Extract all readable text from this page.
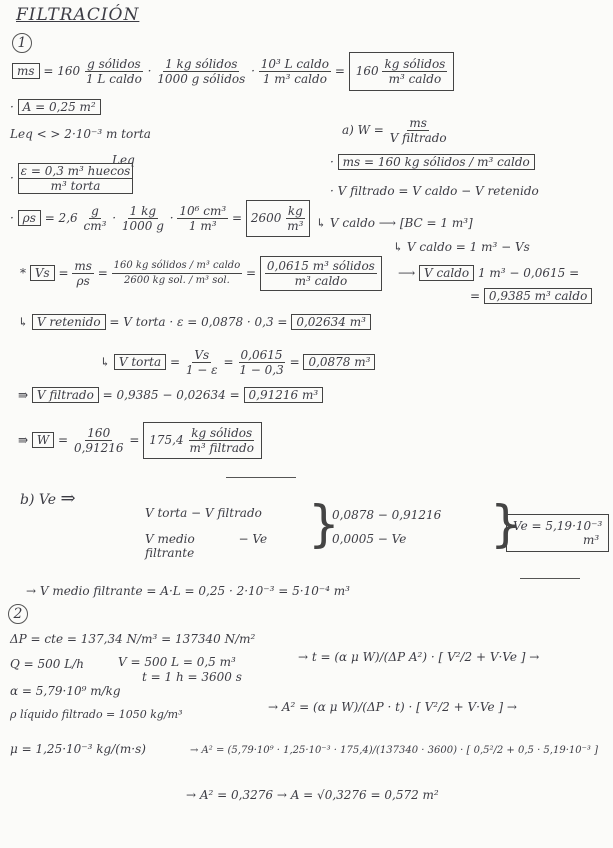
FILTRACIÓN
1
ms = $160 \frac{\text{g sólidos}}{\text{1 L caldo}} \cdot \frac{\text{1 kg sólidos}}{\text{1000 g sólidos}} \cdot \frac{\text{10³ L caldo}}{\text{1 m³ caldo}} = 160 \frac{\text{kg sólidos}}{\text{m³ caldo}}$
· A = 0,25 m²
Leq < > 2·10⁻³ m torta
Leq
· $\frac{\text{ε = 0,3 m³ huecos}}{\text{m³ torta}}$
· $\rho s = 2,6 \frac{g}{\text{cm³}} \cdot \frac{1 kg}{1000 g} \cdot \frac{\text{10⁶ cm³}}{\text{1 m³}} = 2600 \frac{kg}{\text{m³}}$
a) $W = \frac{ms}{\text{V filtrado}}$
· ms = 160 kg sólidos / m³ caldo
· V filtrado = V caldo − V retenido
↳ V caldo ⟶ [BC = 1 m³]
↳ V caldo = 1 m³ − Vs
* $Vs = \frac{ms}{\rho s} = \frac{\text{160 kg sólidos / m³ caldo}}{\text{2600 kg sol. / m³ sol.}} = \frac{\text{0,0615 m³ sólidos}}{\text{m³ caldo}}$ ⟶ V caldo 1 m³ − 0,0615 =
= 0,9385 m³ caldo
↳ V retenido = V torta · ε = 0,0878 · 0,3 = 0,02634 m³
↳ V torta = $\frac{Vs}{1 - \varepsilon} = \frac{0,0615}{1 - 0,3} = 0,0878$ m³
⇛ V filtrado = 0,9385 − 0,02634 = 0,91216 m³
⇛ $W = \frac{160}{0,91216} = 175,4 \frac{\text{kg sólidos}}{\text{m³ filtrado}}$
b) Ve ⇒
V torta − V filtrado
V medio	− Ve
filtrante }
0,0878 − 0,91216
0,0005 − Ve }
Ve = 5,19·10⁻³
m³
→ V medio filtrante = A·L = 0,25 · 2·10⁻³ = 5·10⁻⁴ m³
2
ΔP = cte = 137,34 N/m³ = 137340 N/m²
Q = 500 L/h	V = 500 L = 0,5 m³
t = 1 h = 3600 s
α = 5,79·10⁹ m/kg
ρ líquido filtrado = 1050 kg/m³
μ = 1,25·10⁻³ kg/(m·s)
→ t = (α μ W)/(ΔP A²) · [ V²/2 + V·Ve ] →
→ A² = (α μ W)/(ΔP · t) · [ V²/2 + V·Ve ] →
→ A² = (5,79·10⁹ · 1,25·10⁻³ · 175,4)/(137340 · 3600) · [ 0,5²/2 + 0,5 · 5,19·10⁻³ ]
→ A² = 0,3276 → A = √0,3276 = 0,572 m²
